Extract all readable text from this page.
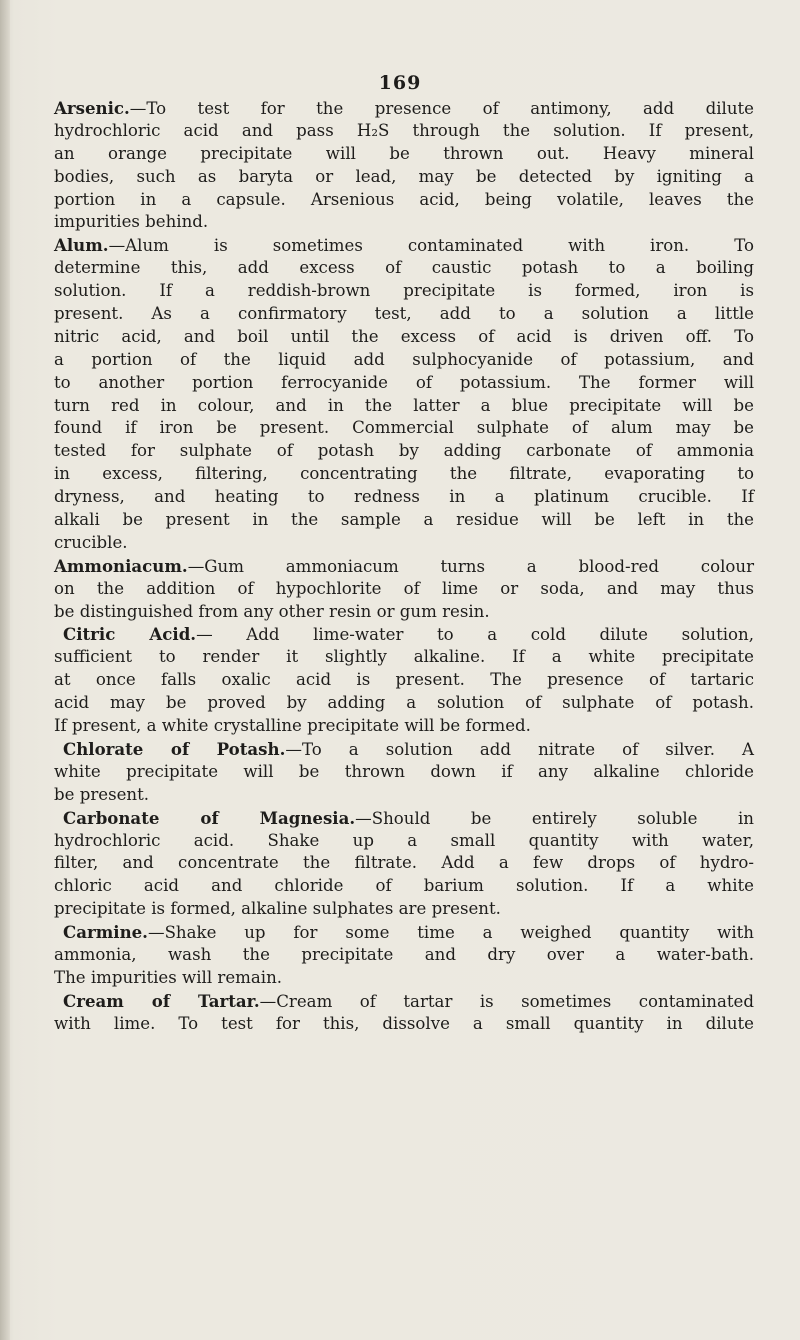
169
Arsenic.—To test for the presence of antimony, add dilute
hydrochloric acid and pass H₂S through the solution. If present,
an orange precipitate will be thrown out. Heavy mineral
bodies, such as baryta or lead, may be detected by igniting a
portion in a capsule. Arsenious acid, being volatile, leaves the
impurities behind.
Alum.—Alum is sometimes contaminated with iron. To
determine this, add excess of caustic potash to a boiling
solution. If a reddish-brown precipitate is formed, iron is
present. As a confirmatory test, add to a solution a little
nitric acid, and boil until the excess of acid is driven off. To
a portion of the liquid add sulphocyanide of potassium, and
to another portion ferrocyanide of potassium. The former will
turn red in colour, and in the latter a blue precipitate will be
found if iron be present. Commercial sulphate of alum may be
tested for sulphate of potash by adding carbonate of ammonia
in excess, filtering, concentrating the filtrate, evaporating to
dryness, and heating to redness in a platinum crucible. If
alkali be present in the sample a residue will be left in the
crucible.
Ammoniacum.—Gum ammoniacum turns a blood-red colour
on the addition of hypochlorite of lime or soda, and may thus
be distinguished from any other resin or gum resin.
Citric Acid.— Add lime-water to a cold dilute solution,
sufficient to render it slightly alkaline. If a white precipitate
at once falls oxalic acid is present. The presence of tartaric
acid may be proved by adding a solution of sulphate of potash.
If present, a white crystalline precipitate will be formed.
Chlorate of Potash.—To a solution add nitrate of silver. A
white precipitate will be thrown down if any alkaline chloride
be present.
Carbonate of Magnesia.—Should be entirely soluble in
hydrochloric acid. Shake up a small quantity with water,
filter, and concentrate the filtrate. Add a few drops of hydro-
chloric acid and chloride of barium solution. If a white
precipitate is formed, alkaline sulphates are present.
Carmine.—Shake up for some time a weighed quantity with
ammonia, wash the precipitate and dry over a water-bath.
The impurities will remain.
Cream of Tartar.—Cream of tartar is sometimes contaminated
with lime. To test for this, dissolve a small quantity in dilute
